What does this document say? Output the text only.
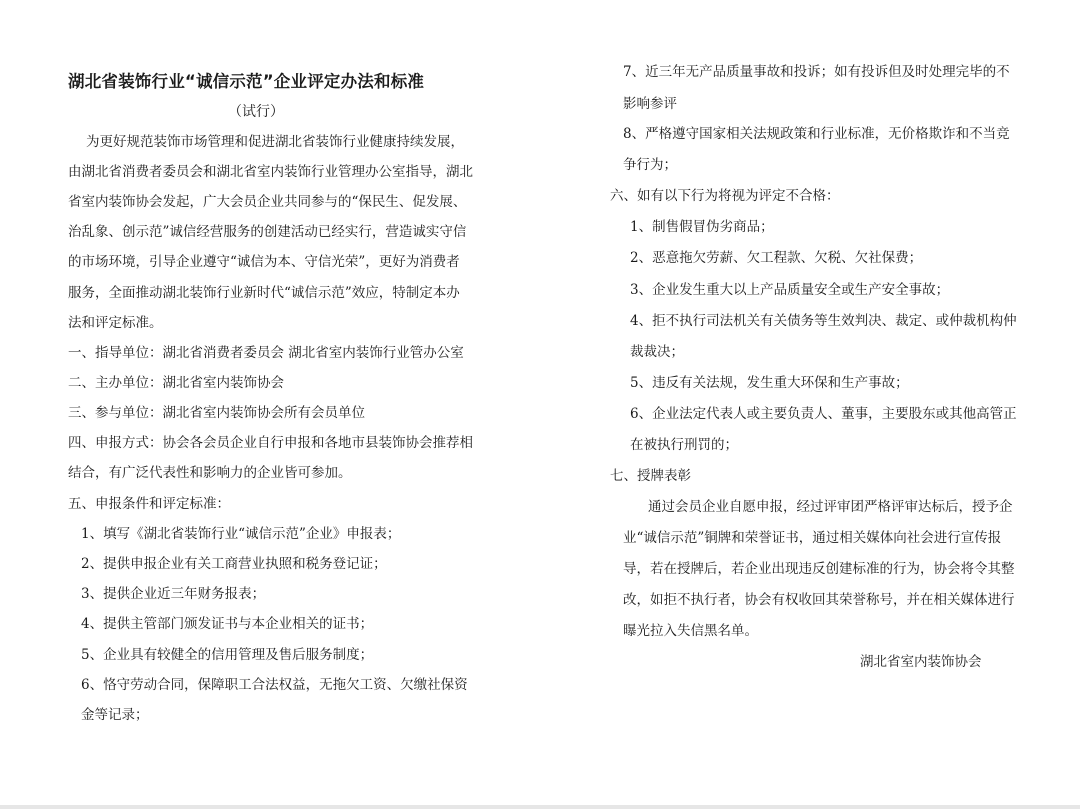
湖北省装饰行业“诚信示范”企业评定办法和标准
（试行）
为更好规范装饰市场管理和促进湖北省装饰行业健康持续发展，
由湖北省消费者委员会和湖北省室内装饰行业管理办公室指导，湖北
省室内装饰协会发起，广大会员企业共同参与的“保民生、促发展、
治乱象、创示范”诚信经营服务的创建活动已经实行，营造诚实守信
的市场环境，引导企业遵守“诚信为本、守信光荣”，更好为消费者
服务，全面推动湖北装饰行业新时代“诚信示范”效应，特制定本办
法和评定标准。
一、指导单位：湖北省消费者委员会 湖北省室内装饰行业管办公室
二、主办单位：湖北省室内装饰协会
三、参与单位：湖北省室内装饰协会所有会员单位
四、申报方式：协会各会员企业自行申报和各地市县装饰协会推荐相
结合，有广泛代表性和影响力的企业皆可参加。
五、申报条件和评定标准：
1、填写《湖北省装饰行业“诚信示范”企业》申报表；
2、提供申报企业有关工商营业执照和税务登记证；
3、提供企业近三年财务报表；
4、提供主管部门颁发证书与本企业相关的证书；
5、企业具有较健全的信用管理及售后服务制度；
6、恪守劳动合同，保障职工合法权益，无拖欠工资、欠缴社保资
金等记录；
7、近三年无产品质量事故和投诉；如有投诉但及时处理完毕的不
影响参评
8、严格遵守国家相关法规政策和行业标准，无价格欺诈和不当竞
争行为；
六、如有以下行为将视为评定不合格：
1、制售假冒伪劣商品；
2、恶意拖欠劳薪、欠工程款、欠税、欠社保费；
3、企业发生重大以上产品质量安全或生产安全事故；
4、拒不执行司法机关有关债务等生效判决、裁定、或仲裁机构仲
裁裁决；
5、违反有关法规，发生重大环保和生产事故；
6、企业法定代表人或主要负责人、董事，主要股东或其他高管正
在被执行刑罚的；
七、授牌表彰
通过会员企业自愿申报，经过评审团严格评审达标后，授予企
业“诚信示范”铜牌和荣誉证书，通过相关媒体向社会进行宣传报
导，若在授牌后，若企业出现违反创建标准的行为，协会将令其整
改，如拒不执行者，协会有权收回其荣誉称号，并在相关媒体进行
曝光拉入失信黑名单。
湖北省室内装饰协会
